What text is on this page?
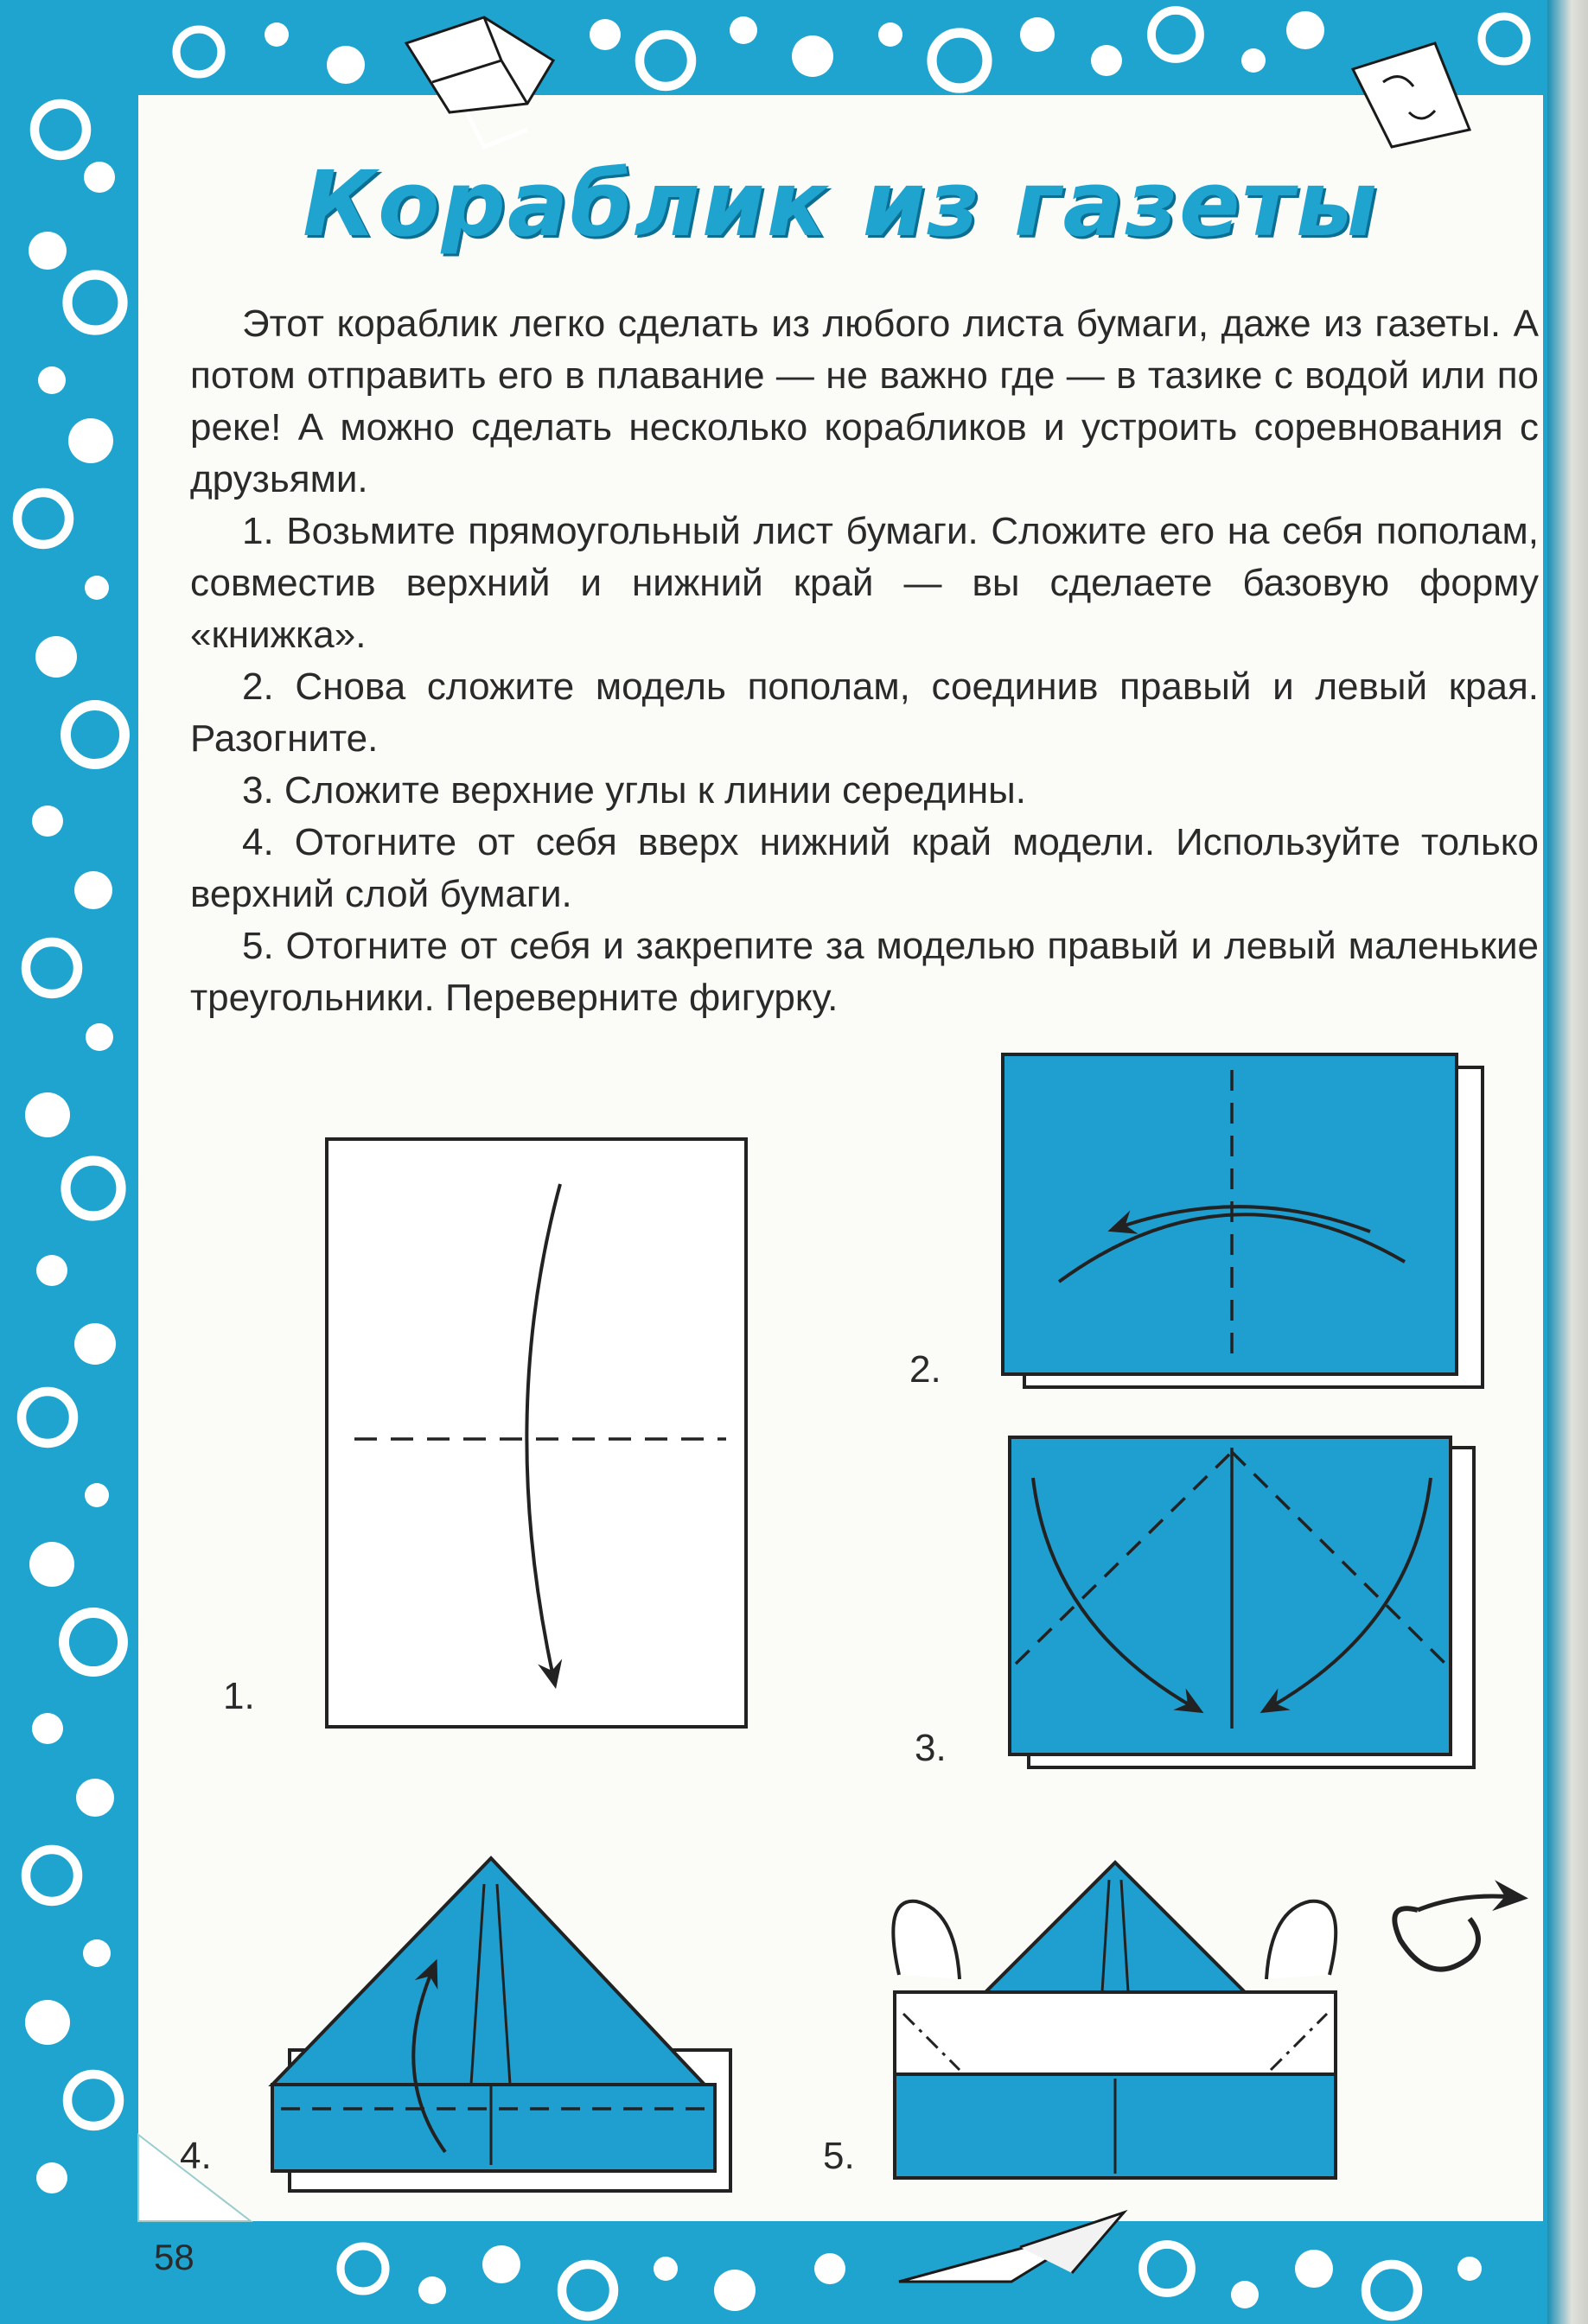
Кораблик из газеты

Этот кораблик легко сделать из любого листа бумаги, даже из газеты. А потом отправить его в плавание — не важно где — в тазике с водой или по реке! А можно сделать несколько корабликов и устроить соревнования с друзьями.

1. Возьмите прямоугольный лист бумаги. Сложите его на себя пополам, совместив верхний и нижний край — вы сделаете базовую форму «книжка».

2. Снова сложите модель пополам, соединив правый и левый края. Разогните.

3. Сложите верхние углы к линии середины.

4. Отогните от себя вверх нижний край модели. Используйте только верхний слой бумаги.

5. Отогните от себя и закрепите за моделью правый и левый маленькие треугольники. Переверните фигурку.

1.
2.
3.
4.	5.
58
